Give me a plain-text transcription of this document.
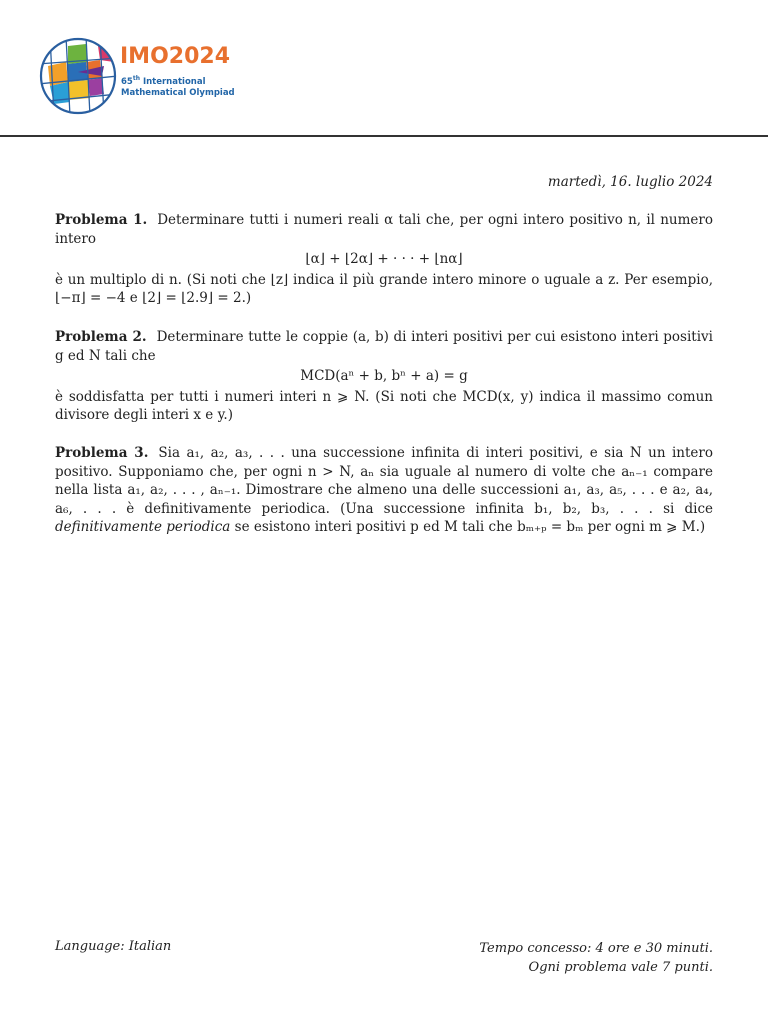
IMO2024
65th International
Mathematical Olympiad
martedì, 16. luglio 2024
Problema 1. Determinare tutti i numeri reali α tali che, per ogni intero positivo n, il numero intero
⌊α⌋ + ⌊2α⌋ + · · · + ⌊nα⌋
è un multiplo di n. (Si noti che ⌊z⌋ indica il più grande intero minore o uguale a z. Per esempio, ⌊−π⌋ = −4 e ⌊2⌋ = ⌊2.9⌋ = 2.)
Problema 2. Determinare tutte le coppie (a, b) di interi positivi per cui esistono interi positivi g ed N tali che
MCD(aⁿ + b, bⁿ + a) = g
è soddisfatta per tutti i numeri interi n ⩾ N. (Si noti che MCD(x, y) indica il massimo comun divisore degli interi x e y.)
Problema 3. Sia a₁, a₂, a₃, . . . una successione infinita di interi positivi, e sia N un intero positivo. Supponiamo che, per ogni n > N, aₙ sia uguale al numero di volte che aₙ₋₁ compare nella lista a₁, a₂, . . . , aₙ₋₁. Dimostrare che almeno una delle successioni a₁, a₃, a₅, . . . e a₂, a₄, a₆, . . . è definitivamente periodica. (Una successione infinita b₁, b₂, b₃, . . . si dice definitivamente periodica se esistono interi positivi p ed M tali che bₘ₊ₚ = bₘ per ogni m ⩾ M.)
Language: Italian	Tempo concesso: 4 ore e 30 minuti.
Ogni problema vale 7 punti.
